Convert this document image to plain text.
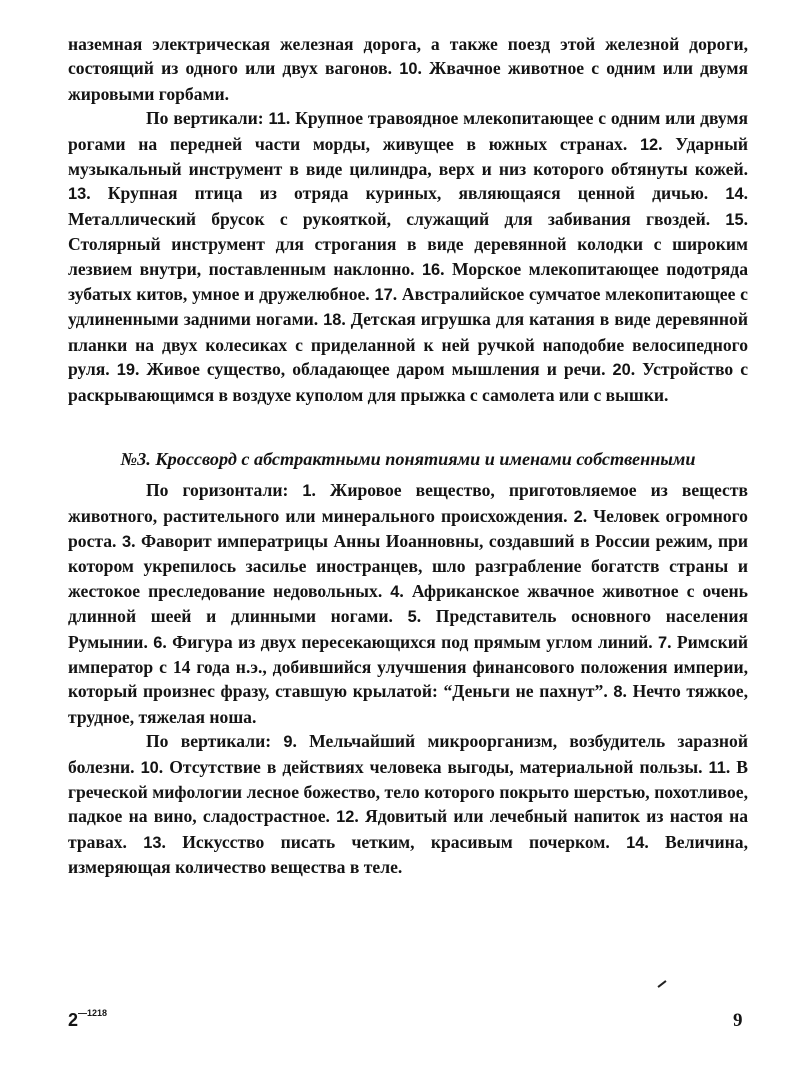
наземная электрическая железная дорога, а также поезд этой железной дороги, состоящий из одного или двух вагонов. 10. Жвачное животное с одним или двумя жировыми горбами.

По вертикали: 11. Крупное травоядное млекопитающее с одним или двумя рогами на передней части морды, живущее в южных странах. 12. Ударный музыкальный инструмент в виде цилиндра, верх и низ которого обтянуты кожей. 13. Крупная птица из отряда куриных, являющаяся ценной дичью. 14. Металлический брусок с рукояткой, служащий для забивания гвоздей. 15. Столярный инструмент для строгания в виде деревянной колодки с широким лезвием внутри, поставленным наклонно. 16. Морское млекопитающее подотряда зубатых китов, умное и дружелюбное. 17. Австралийское сумчатое млекопитающее с удлиненными задними ногами. 18. Детская игрушка для катания в виде деревянной планки на двух колесиках с приделанной к ней ручкой наподобие велосипедного руля. 19. Живое существо, обладающее даром мышления и речи. 20. Устройство с раскрывающимся в воздухе куполом для прыжка с самолета или с вышки.

№3. Кроссворд с абстрактными понятиями и именами собственными

По горизонтали: 1. Жировое вещество, приготовляемое из веществ животного, растительного или минерального происхождения. 2. Человек огромного роста. 3. Фаворит императрицы Анны Иоанновны, создавший в России режим, при котором укрепилось засилье иностранцев, шло разграбление богатств страны и жестокое преследование недовольных. 4. Африканское жвачное животное с очень длинной шеей и длинными ногами. 5. Представитель основного населения Румынии. 6. Фигура из двух пересекающихся под прямым углом линий. 7. Римский император с 14 года н.э., добившийся улучшения финансового положения империи, который произнес фразу, ставшую крылатой: “Деньги не пахнут”. 8. Нечто тяжкое, трудное, тяжелая ноша.

По вертикали: 9. Мельчайший микроорганизм, возбудитель заразной болезни. 10. Отсутствие в действиях человека выгоды, материальной пользы. 11. В греческой мифологии лесное божество, тело которого покрыто шерстью, похотливое, падкое на вино, сладострастное. 12. Ядовитый или лечебный напиток из настоя на травах. 13. Искусство писать четким, красивым почерком. 14. Величина, измеряющая количество вещества в теле.

$2^{—1218}$	9
